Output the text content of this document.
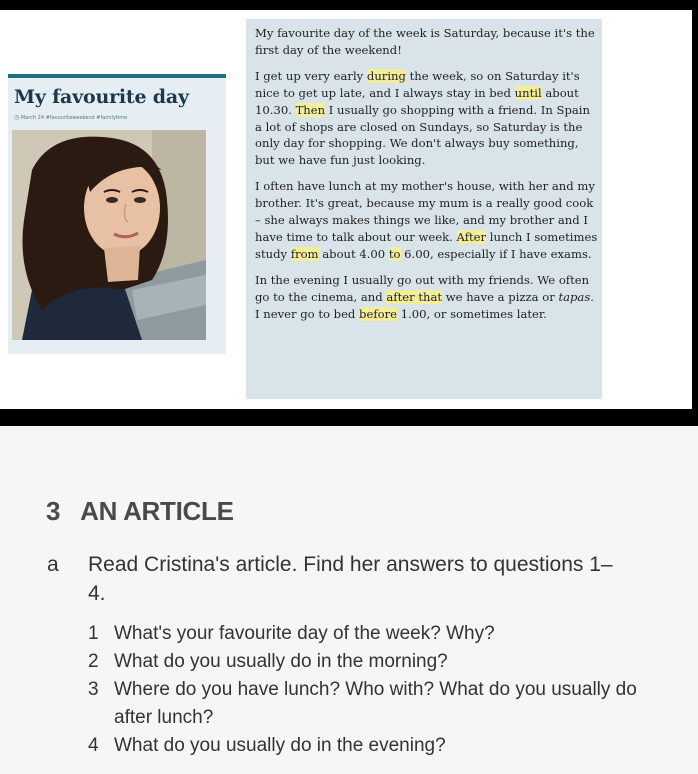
My favourite day
◷ March 24 #favouriteweekend #familytime

My favourite day of the week is Saturday, because it's the first day of the weekend!

I get up very early during the week, so on Saturday it's nice to get up late, and I always stay in bed until about 10.30. Then I usually go shopping with a friend. In Spain a lot of shops are closed on Sundays, so Saturday is the only day for shopping. We don't always buy something, but we have fun just looking.

I often have lunch at my mother's house, with her and my brother. It's great, because my mum is a really good cook – she always makes things we like, and my brother and I have time to talk about our week. After lunch I sometimes study from about 4.00 to 6.00, especially if I have exams.

In the evening I usually go out with my friends. We often go to the cinema, and after that we have a pizza or tapas. I never go to bed before 1.00, or sometimes later.

3 AN ARTICLE
a Read Cristina's article. Find her answers to questions 1–4.
1 What's your favourite day of the week? Why?
2 What do you usually do in the morning?
3 Where do you have lunch? Who with? What do you usually do after lunch?
4 What do you usually do in the evening?
